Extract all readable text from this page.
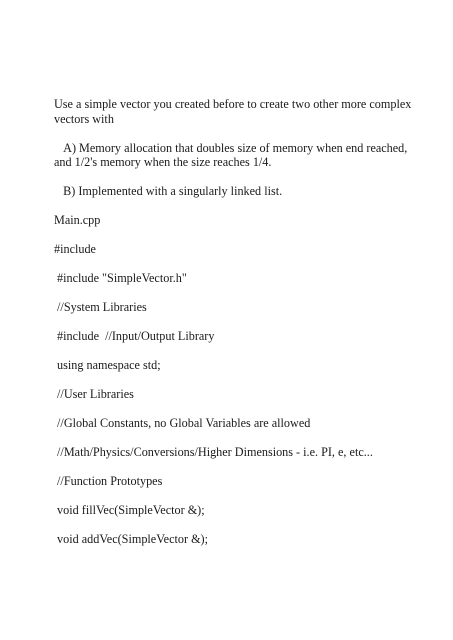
Use a simple vector you created before to create two other more complex vectors with

A) Memory allocation that doubles size of memory when end reached, and 1/2's memory when the size reaches 1/4.

B) Implemented with a singularly linked list.

Main.cpp

#include

#include "SimpleVector.h"

//System Libraries

#include  //Input/Output Library

using namespace std;

//User Libraries

//Global Constants, no Global Variables are allowed

//Math/Physics/Conversions/Higher Dimensions - i.e. PI, e, etc...

//Function Prototypes

void fillVec(SimpleVector &);

void addVec(SimpleVector &);
